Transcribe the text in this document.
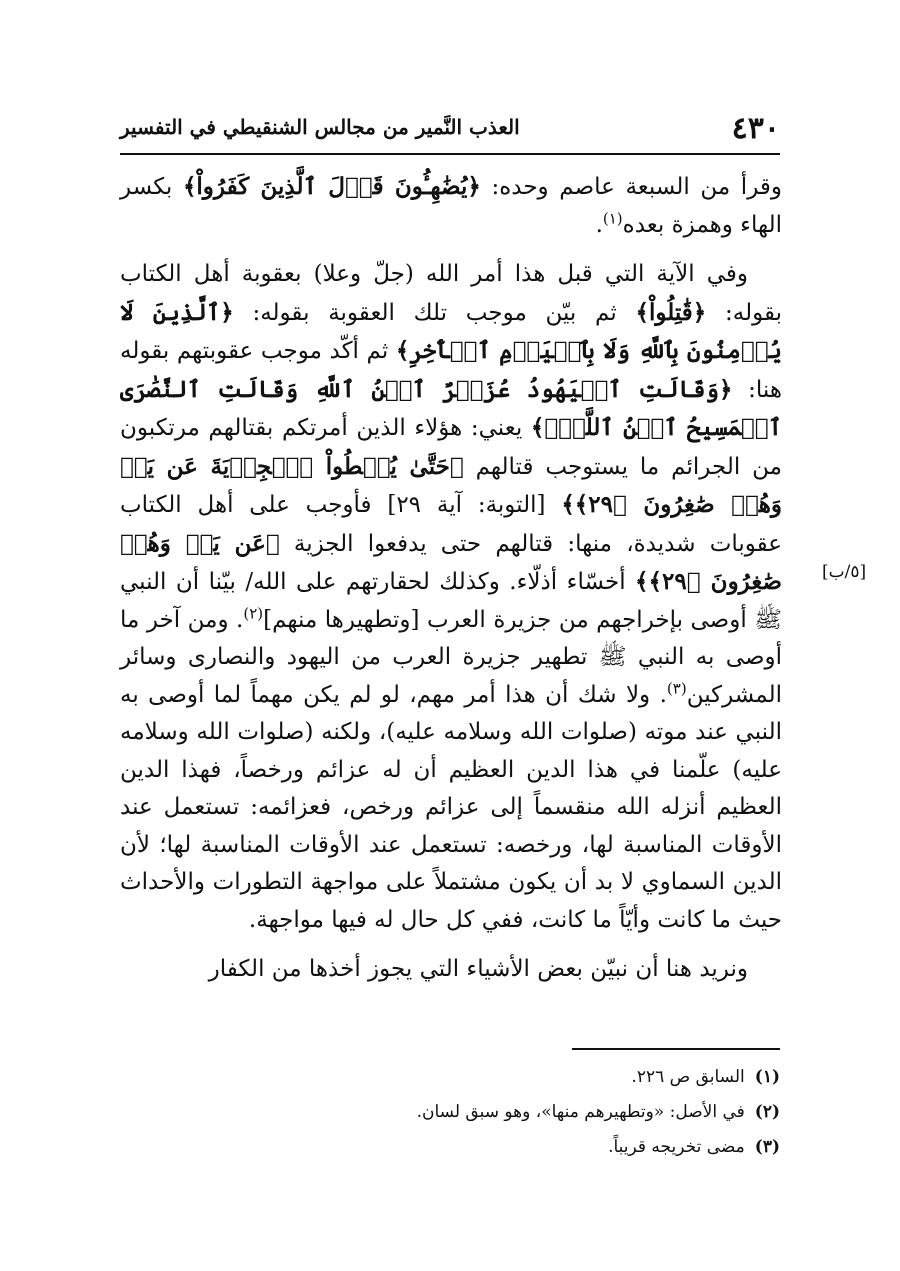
٤٣٠
العذب النَّمير من مجالس الشنقيطي في التفسير
[٥/ب]

وقرأ من السبعة عاصم وحده: ﴿يُضَٰهِـُٔونَ قَوۡلَ ٱلَّذِينَ كَفَرُواْ﴾ بكسر الهاء وهمزة بعده$^{(١)}$.

وفي الآية التي قبل هذا أمر الله (جلّ وعلا) بعقوبة أهل الكتاب بقوله: ﴿قَٰتِلُواْ﴾ ثم بيّن موجب تلك العقوبة بقوله: ﴿ٱلَّذِينَ لَا يُؤۡمِنُونَ بِٱللَّهِ وَلَا بِٱلۡيَوۡمِ ٱلۡأٓخِرِ﴾ ثم أكّد موجب عقوبتهم بقوله هنا: ﴿وَقَالَتِ ٱلۡيَهُودُ عُزَيۡرٌ ٱبۡنُ ٱللَّهِ وَقَالَتِ ٱلنَّصَٰرَى ٱلۡمَسِيحُ ٱبۡنُ ٱللَّهِۖ﴾ يعني: هؤلاء الذين أمرتكم بقتالهم مرتكبون من الجرائم ما يستوجب قتالهم ﴿حَتَّىٰ يُعۡطُواْ ٱلۡجِزۡيَةَ عَن يَدٖ وَهُمۡ صَٰغِرُونَ ﴿٢٩﴾﴾ [التوبة: آية ٢٩] فأوجب على أهل الكتاب عقوبات شديدة، منها: قتالهم حتى يدفعوا الجزية ﴿عَن يَدٖ وَهُمۡ صَٰغِرُونَ ﴿٢٩﴾﴾ أخسّاء أذلّاء. وكذلك لحقارتهم على الله/ بيّنا أن النبي ﷺ أوصى بإخراجهم من جزيرة العرب [وتطهيرها منهم]$^{(٢)}$. ومن آخر ما أوصى به النبي ﷺ تطهير جزيرة العرب من اليهود والنصارى وسائر المشركين$^{(٣)}$. ولا شك أن هذا أمر مهم، لو لم يكن مهماً لما أوصى به النبي عند موته (صلوات الله وسلامه عليه)، ولكنه (صلوات الله وسلامه عليه) علّمنا في هذا الدين العظيم أن له عزائم ورخصاً، فهذا الدين العظيم أنزله الله منقسماً إلى عزائم ورخص، فعزائمه: تستعمل عند الأوقات المناسبة لها، ورخصه: تستعمل عند الأوقات المناسبة لها؛ لأن الدين السماوي لا بد أن يكون مشتملاً على مواجهة التطورات والأحداث حيث ما كانت وأيّاً ما كانت، ففي كل حال له فيها مواجهة.

ونريد هنا أن نبيّن بعض الأشياء التي يجوز أخذها من الكفار

(١)السابق ص ٢٢٦.
(٢)في الأصل: «وتطهيرهم منها»، وهو سبق لسان.
(٣)مضى تخريجه قريباً.
